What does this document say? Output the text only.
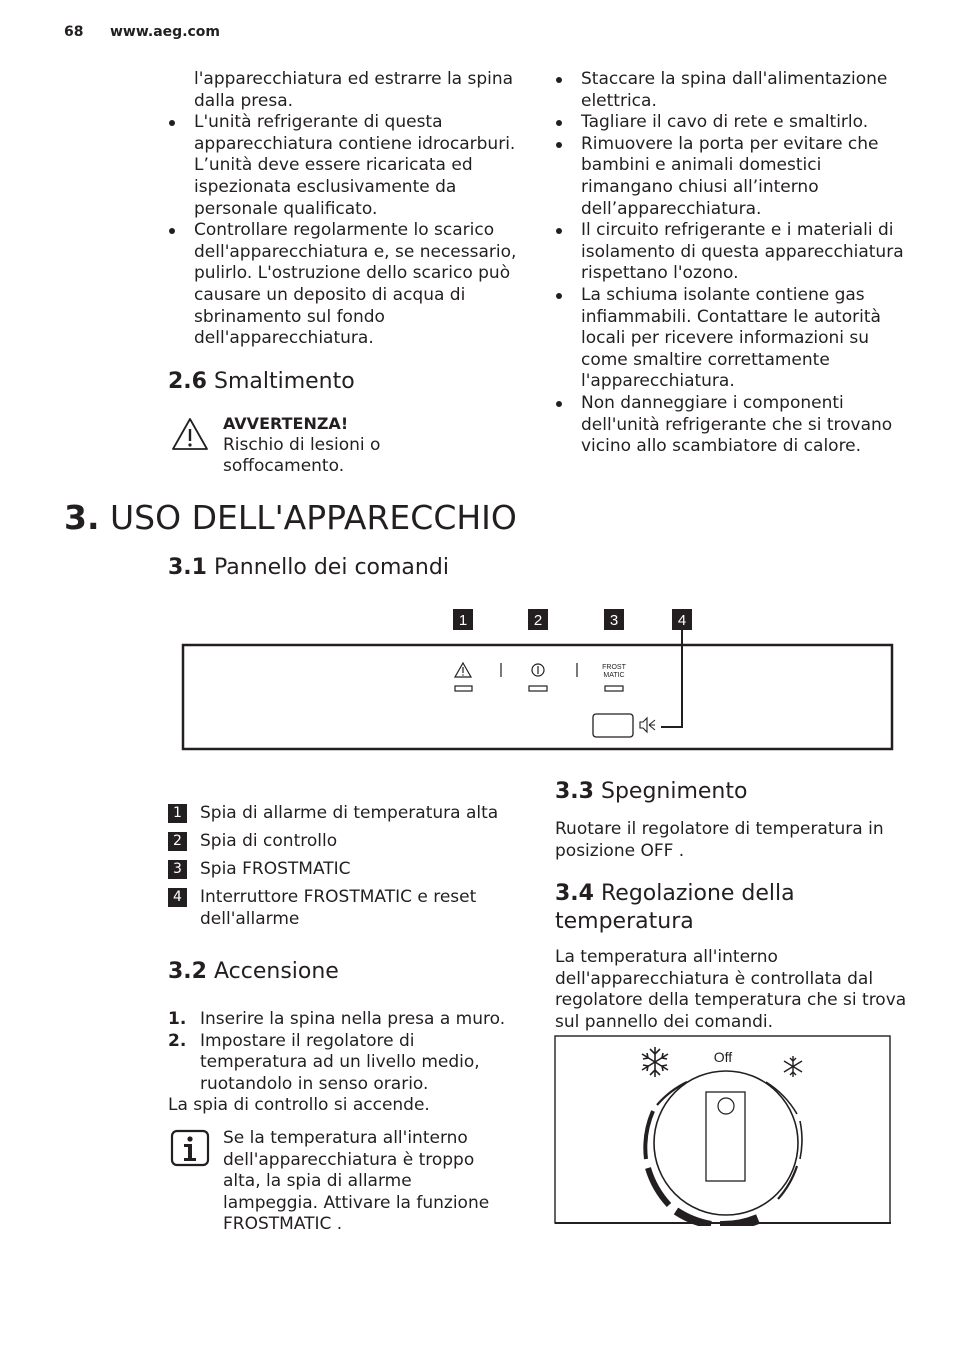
68 www.aeg.com
l'apparecchiatura ed estrarre la spina dalla presa.
L'unità refrigerante di questa apparecchiatura contiene idrocarburi. L’unità deve essere ricaricata ed ispezionata esclusivamente da personale qualificato.
Controllare regolarmente lo scarico dell'apparecchiatura e, se necessario, pulirlo. L'ostruzione dello scarico può causare un deposito di acqua di sbrinamento sul fondo dell'apparecchiatura.
2.6 Smaltimento
AVVERTENZA!
Rischio di lesioni o soffocamento.
Staccare la spina dall'alimentazione elettrica.
Tagliare il cavo di rete e smaltirlo.
Rimuovere la porta per evitare che bambini e animali domestici rimangano chiusi all’interno dell’apparecchiatura.
Il circuito refrigerante e i materiali di isolamento di questa apparecchiatura rispettano l'ozono.
La schiuma isolante contiene gas infiammabili. Contattare le autorità locali per ricevere informazioni su come smaltire correttamente l'apparecchiatura.
Non danneggiare i componenti dell'unità refrigerante che si trovano vicino allo scambiatore di calore.
3. USO DELL'APPARECCHIO
3.1 Pannello dei comandi
1	2	3	4
FROST
MATIC
1 Spia di allarme di temperatura alta
2 Spia di controllo
3 Spia FROSTMATIC
4 Interruttore FROSTMATIC e reset dell'allarme
3.2 Accensione
1. Inserire la spina nella presa a muro.
2. Impostare il regolatore di temperatura ad un livello medio, ruotandolo in senso orario.
La spia di controllo si accende.
Se la temperatura all'interno dell'apparecchiatura è troppo alta, la spia di allarme lampeggia. Attivare la funzione FROSTMATIC .
3.3 Spegnimento
Ruotare il regolatore di temperatura in posizione OFF .
3.4 Regolazione della
temperatura
La temperatura all'interno dell'apparecchiatura è controllata dal regolatore della temperatura che si trova sul pannello dei comandi.
Off
